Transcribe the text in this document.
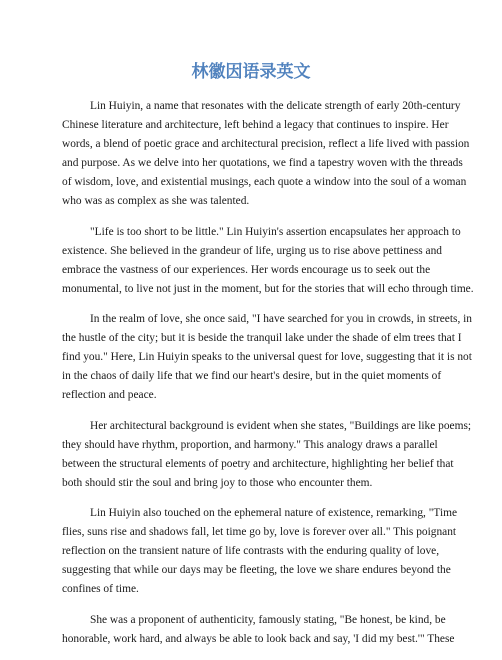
林徽因语录英文

Lin Huiyin, a name that resonates with the delicate strength of early 20th-century
Chinese literature and architecture, left behind a legacy that continues to inspire. Her
words, a blend of poetic grace and architectural precision, reflect a life lived with passion
and purpose. As we delve into her quotations, we find a tapestry woven with the threads
of wisdom, love, and existential musings, each quote a window into the soul of a woman
who was as complex as she was talented.

"Life is too short to be little." Lin Huiyin's assertion encapsulates her approach to
existence. She believed in the grandeur of life, urging us to rise above pettiness and
embrace the vastness of our experiences. Her words encourage us to seek out the
monumental, to live not just in the moment, but for the stories that will echo through time.

In the realm of love, she once said, "I have searched for you in crowds, in streets, in
the hustle of the city; but it is beside the tranquil lake under the shade of elm trees that I
find you." Here, Lin Huiyin speaks to the universal quest for love, suggesting that it is not
in the chaos of daily life that we find our heart's desire, but in the quiet moments of
reflection and peace.

Her architectural background is evident when she states, "Buildings are like poems;
they should have rhythm, proportion, and harmony." This analogy draws a parallel
between the structural elements of poetry and architecture, highlighting her belief that
both should stir the soul and bring joy to those who encounter them.

Lin Huiyin also touched on the ephemeral nature of existence, remarking, "Time
flies, suns rise and shadows fall, let time go by, love is forever over all." This poignant
reflection on the transient nature of life contrasts with the enduring quality of love,
suggesting that while our days may be fleeting, the love we share endures beyond the
confines of time.

She was a proponent of authenticity, famously stating, "Be honest, be kind, be
honorable, work hard, and always be able to look back and say, 'I did my best.'" These
